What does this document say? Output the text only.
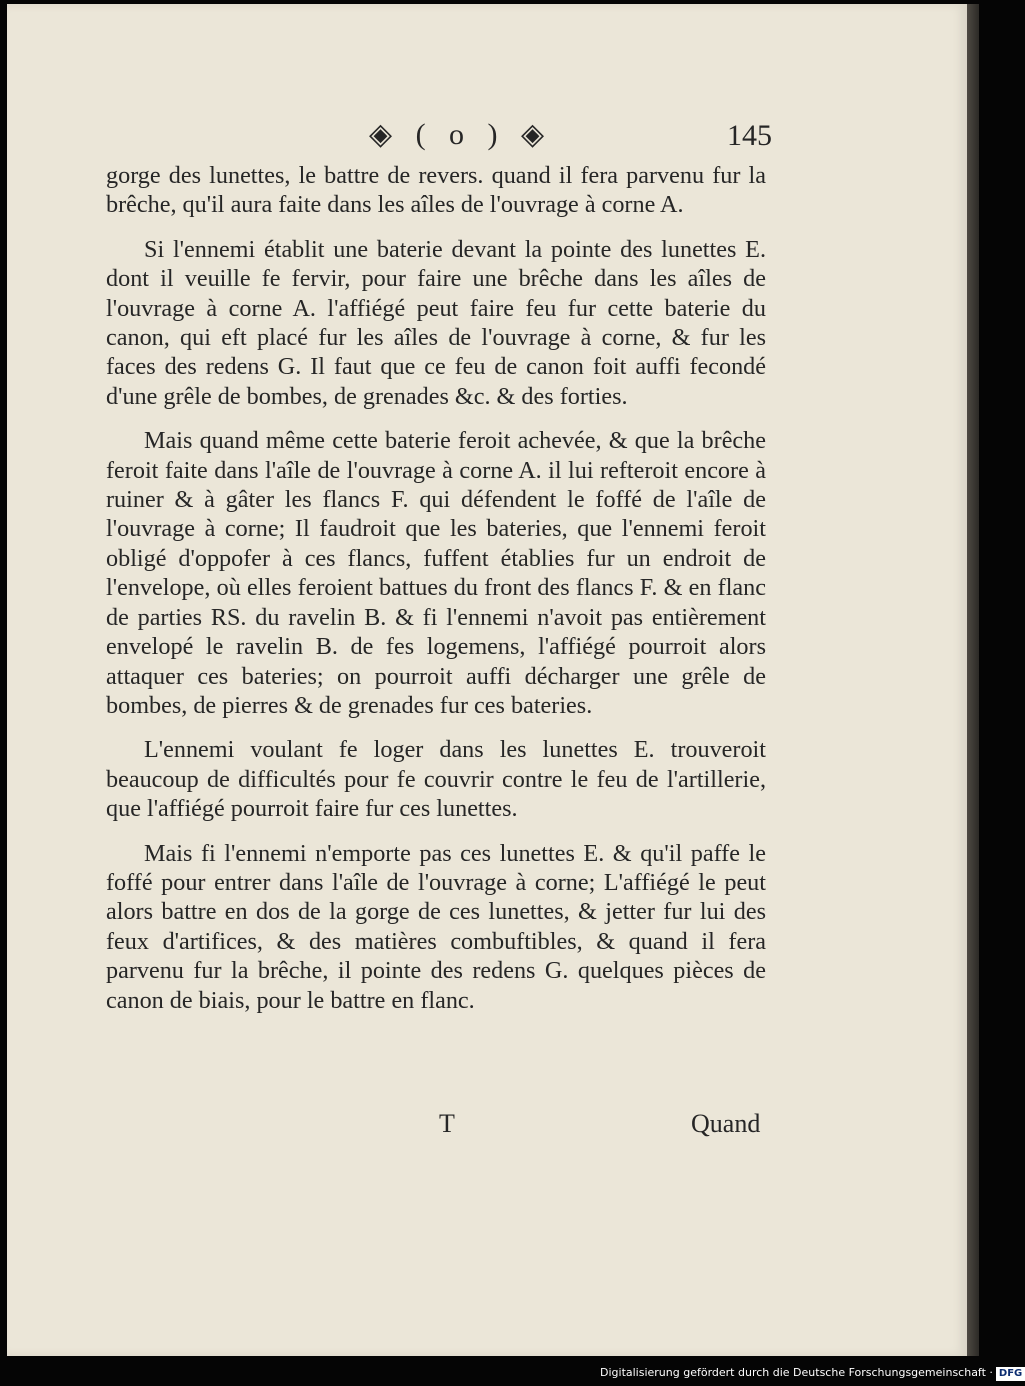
◈ ( o ) ◈	145

gorge des lunettes, le battre de revers. quand il fera parvenu fur la brêche, qu'il aura faite dans les aîles de l'ouvrage à corne A.

Si l'ennemi établit une baterie devant la pointe des lunettes E. dont il veuille fe fervir, pour faire une brêche dans les aîles de l'ouvrage à corne A. l'affiégé peut faire feu fur cette baterie du canon, qui eft placé fur les aîles de l'ouvrage à corne, & fur les faces des redens G. Il faut que ce feu de canon foit auffi fecondé d'une grêle de bombes, de grenades &c. & des forties.

Mais quand même cette baterie feroit achevée, & que la brêche feroit faite dans l'aîle de l'ouvrage à corne A. il lui refteroit encore à ruiner & à gâter les flancs F. qui défendent le foffé de l'aîle de l'ouvrage à corne; Il faudroit que les bateries, que l'ennemi feroit obligé d'oppofer à ces flancs, fuffent établies fur un endroit de l'envelope, où elles feroient battues du front des flancs F. & en flanc de parties RS. du ravelin B. & fi l'ennemi n'avoit pas entièrement envelopé le ravelin B. de fes logemens, l'affiégé pourroit alors attaquer ces bateries; on pourroit auffi décharger une grêle de bombes, de pierres & de grenades fur ces bateries.

L'ennemi voulant fe loger dans les lunettes E. trouveroit beaucoup de difficultés pour fe couvrir contre le feu de l'artillerie, que l'affiégé pourroit faire fur ces lunettes.

Mais fi l'ennemi n'emporte pas ces lunettes E. & qu'il paffe le foffé pour entrer dans l'aîle de l'ouvrage à corne; L'affiégé le peut alors battre en dos de la gorge de ces lunettes, & jetter fur lui des feux d'artifices, & des matières combuftibles, & quand il fera parvenu fur la brêche, il pointe des redens G. quelques pièces de canon de biais, pour le battre en flanc.

T	Quand
Digitalisierung gefördert durch die Deutsche Forschungsgemeinschaft · DFG
